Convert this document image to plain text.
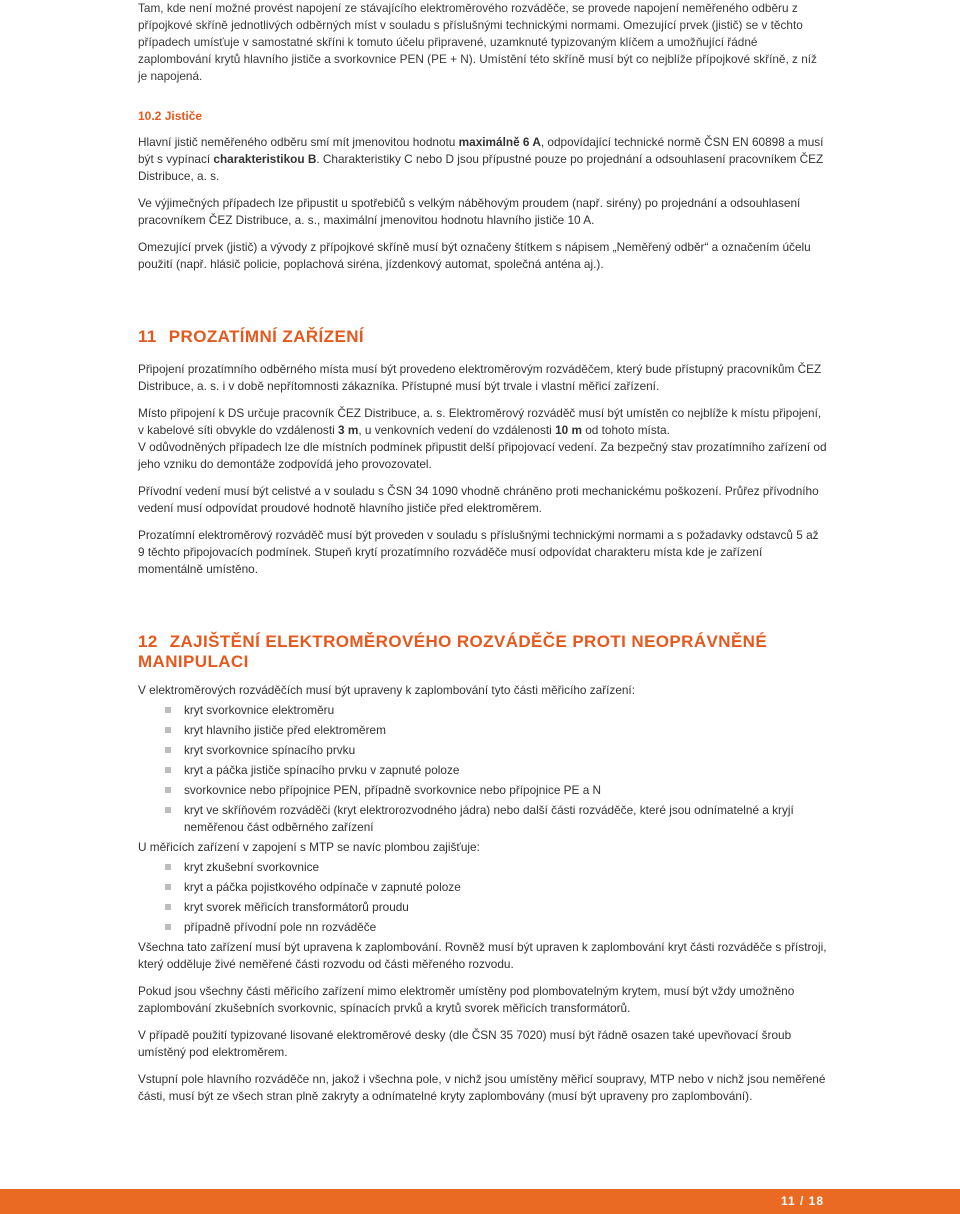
Tam, kde není možné provést napojení ze stávajícího elektroměrového rozváděče, se provede napojení neměřeného odběru z přípojkové skříně jednotlivých odběrných míst v souladu s příslušnými technickými normami. Omezující prvek (jistič) se v těchto případech umísťuje v samostatné skříni k tomuto účelu připravené, uzamknuté typizovaným klíčem a umožňující řádné zaplombování krytů hlavního jističe a svorkovnice PEN (PE + N). Umístění této skříně musí být co nejblíže přípojkové skříně, z níž je napojená.

10.2 Jističe

Hlavní jistič neměřeného odběru smí mít jmenovitou hodnotu maximálně 6 A, odpovídající technické normě ČSN EN 60898 a musí být s vypínací charakteristikou B. Charakteristiky C nebo D jsou přípustné pouze po projednání a odsouhlasení pracovníkem ČEZ Distribuce, a. s.

Ve výjimečných případech lze připustit u spotřebičů s velkým náběhovým proudem (např. sirény) po projednání a odsouhlasení pracovníkem ČEZ Distribuce, a. s., maximální jmenovitou hodnotu hlavního jističe 10 A.

Omezující prvek (jistič) a vývody z přípojkové skříně musí být označeny štítkem s nápisem „Neměřený odběr“ a označením účelu použití (např. hlásič policie, poplachová siréna, jízdenkový automat, společná anténa aj.).

11 PROZATÍMNÍ ZAŘÍZENÍ

Připojení prozatímního odběrného místa musí být provedeno elektroměrovým rozváděčem, který bude přístupný pracovníkům ČEZ Distribuce, a. s. i v době nepřítomnosti zákazníka. Přístupné musí být trvale i vlastní měřicí zařízení.

Místo připojení k DS určuje pracovník ČEZ Distribuce, a. s. Elektroměrový rozváděč musí být umístěn co nejblíže k místu připojení, v kabelové síti obvykle do vzdálenosti 3 m, u venkovních vedení do vzdálenosti 10 m od tohoto místa.

V odůvodněných případech lze dle místních podmínek připustit delší připojovací vedení. Za bezpečný stav prozatímního zařízení od jeho vzniku do demontáže zodpovídá jeho provozovatel.

Přívodní vedení musí být celistvé a v souladu s ČSN 34 1090 vhodně chráněno proti mechanickému poškození. Průřez přívodního vedení musí odpovídat proudové hodnotě hlavního jističe před elektroměrem.

Prozatímní elektroměrový rozváděč musí být proveden v souladu s příslušnými technickými normami a s požadavky odstavců 5 až 9 těchto připojovacích podmínek. Stupeň krytí prozatímního rozváděče musí odpovídat charakteru místa kde je zařízení momentálně umístěno.

12 ZAJIŠTĚNÍ ELEKTROMĚROVÉHO ROZVÁDĚČE PROTI NEOPRÁVNĚNÉ MANIPULACI

V elektroměrových rozváděčích musí být upraveny k zaplombování tyto části měřicího zařízení:

kryt svorkovnice elektroměru
kryt hlavního jističe před elektroměrem
kryt svorkovnice spínacího prvku
kryt a páčka jističe spínacího prvku v zapnuté poloze
svorkovnice nebo přípojnice PEN, případně svorkovnice nebo přípojnice PE a N
kryt ve skříňovém rozváděči (kryt elektrorozvodného jádra) nebo další části rozváděče, které jsou odnímatelné a kryjí neměřenou část odběrného zařízení

U měřicích zařízení v zapojení s MTP se navíc plombou zajišťuje:

kryt zkušební svorkovnice
kryt a páčka pojistkového odpínače v zapnuté poloze
kryt svorek měřicích transformátorů proudu
případně přívodní pole nn rozváděče

Všechna tato zařízení musí být upravena k zaplombování. Rovněž musí být upraven k zaplombování kryt části rozváděče s přístroji, který odděluje živé neměřené části rozvodu od části měřeného rozvodu.

Pokud jsou všechny části měřicího zařízení mimo elektroměr umístěny pod plombovatelným krytem, musí být vždy umožněno zaplombování zkušebních svorkovnic, spínacích prvků a krytů svorek měřicích transformátorů.

V případě použití typizované lisované elektroměrové desky (dle ČSN 35 7020) musí být řádně osazen také upevňovací šroub umístěný pod elektroměrem.

Vstupní pole hlavního rozváděče nn, jakož i všechna pole, v nichž jsou umístěny měřicí soupravy, MTP nebo v nichž jsou neměřené části, musí být ze všech stran plně zakryty a odnímatelné kryty zaplombovány (musí být upraveny pro zaplombování).

11 / 18
